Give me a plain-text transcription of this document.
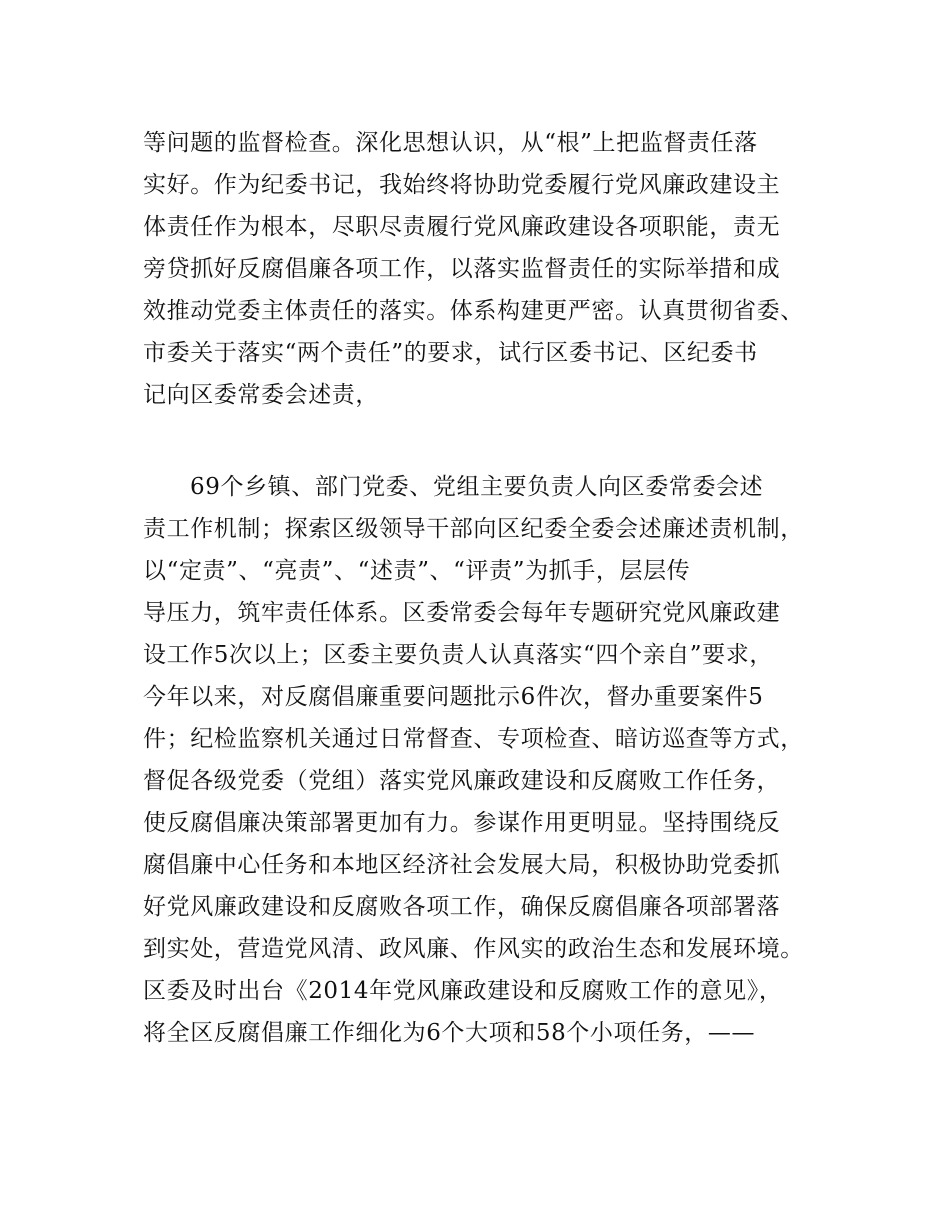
等问题的监督检查。深化思想认识，从“根”上把监督责任落
实好。作为纪委书记，我始终将协助党委履行党风廉政建设主
体责任作为根本，尽职尽责履行党风廉政建设各项职能，责无
旁贷抓好反腐倡廉各项工作，以落实监督责任的实际举措和成
效推动党委主体责任的落实。体系构建更严密。认真贯彻省委、
市委关于落实“两个责任”的要求，试行区委书记、区纪委书
记向区委常委会述责，
69个乡镇、部门党委、党组主要负责人向区委常委会述
责工作机制；探索区级领导干部向区纪委全委会述廉述责机制，
以“定责”、“亮责”、“述责”、“评责”为抓手，层层传
导压力，筑牢责任体系。区委常委会每年专题研究党风廉政建
设工作5次以上；区委主要负责人认真落实“四个亲自”要求，
今年以来，对反腐倡廉重要问题批示6件次，督办重要案件5
件；纪检监察机关通过日常督查、专项检查、暗访巡查等方式，
督促各级党委（党组）落实党风廉政建设和反腐败工作任务，
使反腐倡廉决策部署更加有力。参谋作用更明显。坚持围绕反
腐倡廉中心任务和本地区经济社会发展大局，积极协助党委抓
好党风廉政建设和反腐败各项工作，确保反腐倡廉各项部署落
到实处，营造党风清、政风廉、作风实的政治生态和发展环境。
区委及时出台《2014年党风廉政建设和反腐败工作的意见》，
将全区反腐倡廉工作细化为6个大项和58个小项任务，——
